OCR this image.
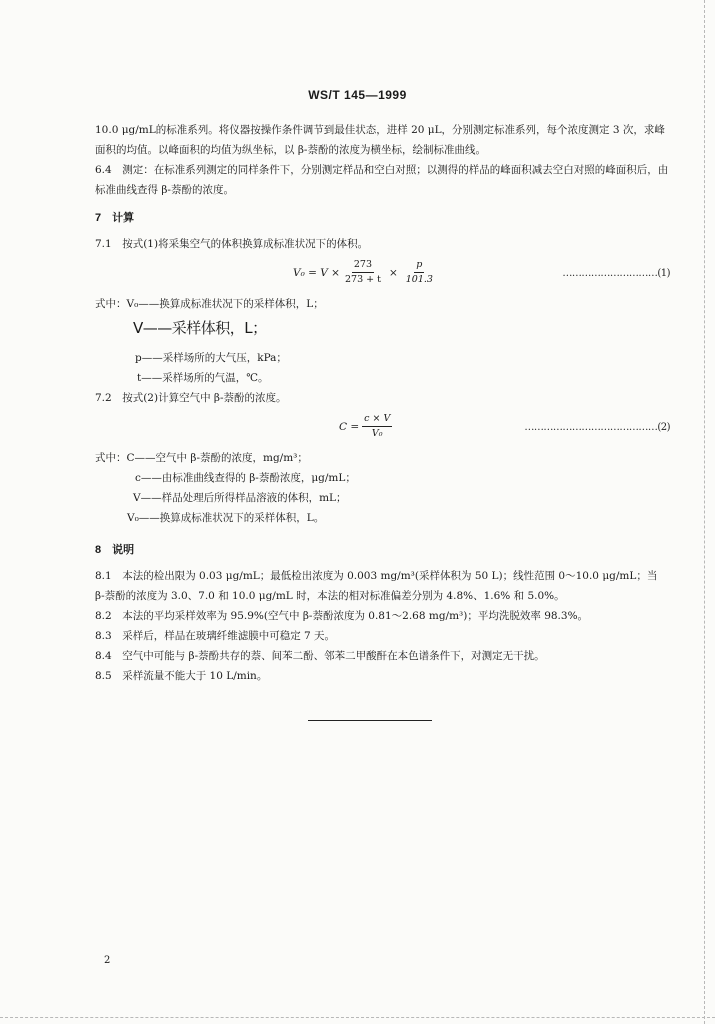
WS/T 145—1999

10.0 μg/mL的标准系列。将仪器按操作条件调节到最佳状态，进样 20 μL，分别测定标准系列，每个浓度测定 3 次，求峰面积的均值。以峰面积的均值为纵坐标，以 β-萘酚的浓度为横坐标，绘制标准曲线。

6.4　测定：在标准系列测定的同样条件下，分别测定样品和空白对照；以测得的样品的峰面积减去空白对照的峰面积后，由标准曲线查得 β-萘酚的浓度。

7　计算

7.1　按式(1)将采集空气的体积换算成标准状况下的体积。

$V_0 = V \times \frac{273}{273 + t} \times \frac{p}{101.3}$	…………………………(1)
式中：V₀——换算成标准状况下的采样体积，L；
V——采样体积，L；
p——采样场所的大气压，kPa；
t——采样场所的气温，℃。

7.2　按式(2)计算空气中 β-萘酚的浓度。

$C = \frac{c \times V}{\text{V₀}}$	……………………………………(2)
式中：C——空气中 β-萘酚的浓度，mg/m³；
c——由标准曲线查得的 β-萘酚浓度，μg/mL；
V——样品处理后所得样品溶液的体积，mL；
V₀——换算成标准状况下的采样体积，L。

8　说明

8.1　本法的检出限为 0.03 μg/mL；最低检出浓度为 0.003 mg/m³(采样体积为 50 L)；线性范围 0～10.0 μg/mL；当 β-萘酚的浓度为 3.0、7.0 和 10.0 μg/mL 时，本法的相对标准偏差分别为 4.8%、1.6% 和 5.0%。

8.2　本法的平均采样效率为 95.9%(空气中 β-萘酚浓度为 0.81～2.68 mg/m³)；平均洗脱效率 98.3%。

8.3　采样后，样品在玻璃纤维滤膜中可稳定 7 天。

8.4　空气中可能与 β-萘酚共存的萘、间苯二酚、邻苯二甲酸酐在本色谱条件下，对测定无干扰。

8.5　采样流量不能大于 10 L/min。

2
